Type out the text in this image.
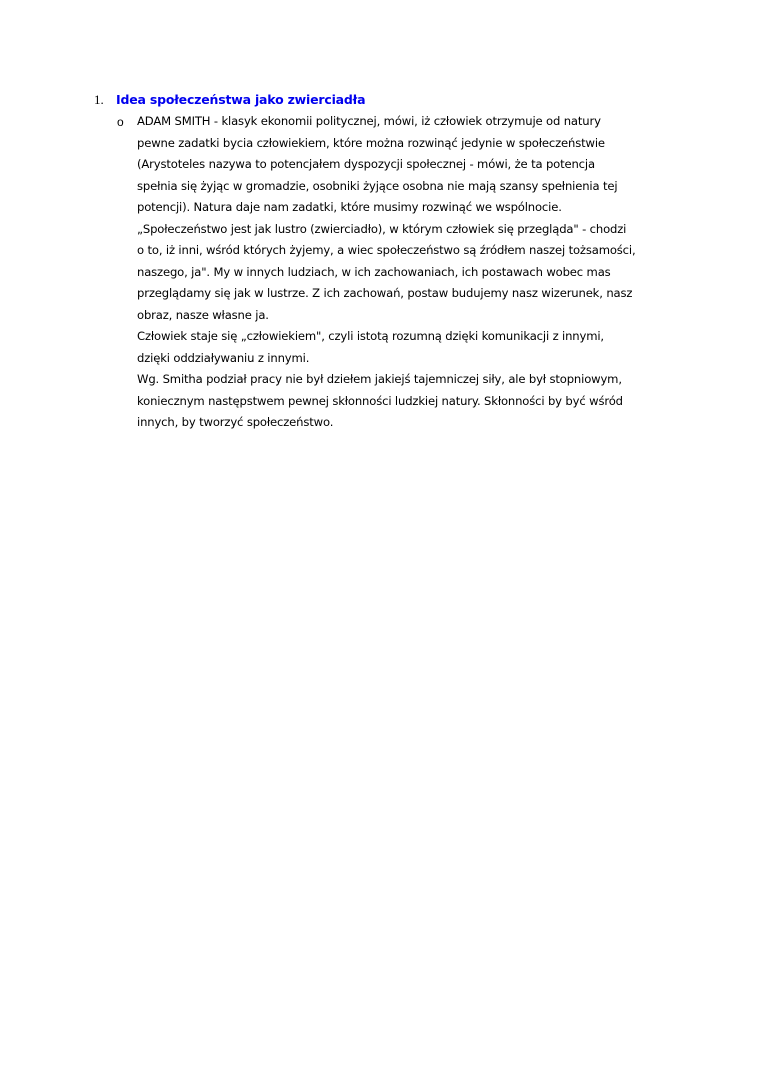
1. Idea społeczeństwa jako zwierciadła
o ADAM SMITH - klasyk ekonomii politycznej, mówi, iż człowiek otrzymuje od natury
pewne zadatki bycia człowiekiem, które można rozwinąć jedynie w społeczeństwie
(Arystoteles nazywa to potencjałem dyspozycji społecznej - mówi, że ta potencja
spełnia się żyjąc w gromadzie, osobniki żyjące osobna nie mają szansy spełnienia tej
potencji). Natura daje nam zadatki, które musimy rozwinąć we wspólnocie.
„Społeczeństwo jest jak lustro (zwierciadło), w którym człowiek się przegląda" - chodzi
o to, iż inni, wśród których żyjemy, a wiec społeczeństwo są źródłem naszej tożsamości,
naszego, ja". My w innych ludziach, w ich zachowaniach, ich postawach wobec mas
przeglądamy się jak w lustrze. Z ich zachowań, postaw budujemy nasz wizerunek, nasz
obraz, nasze własne ja.
Człowiek staje się „człowiekiem", czyli istotą rozumną dzięki komunikacji z innymi,
dzięki oddziaływaniu z innymi.
Wg. Smitha podział pracy nie był dziełem jakiejś tajemniczej siły, ale był stopniowym,
koniecznym następstwem pewnej skłonności ludzkiej natury. Skłonności by być wśród
innych, by tworzyć społeczeństwo.
